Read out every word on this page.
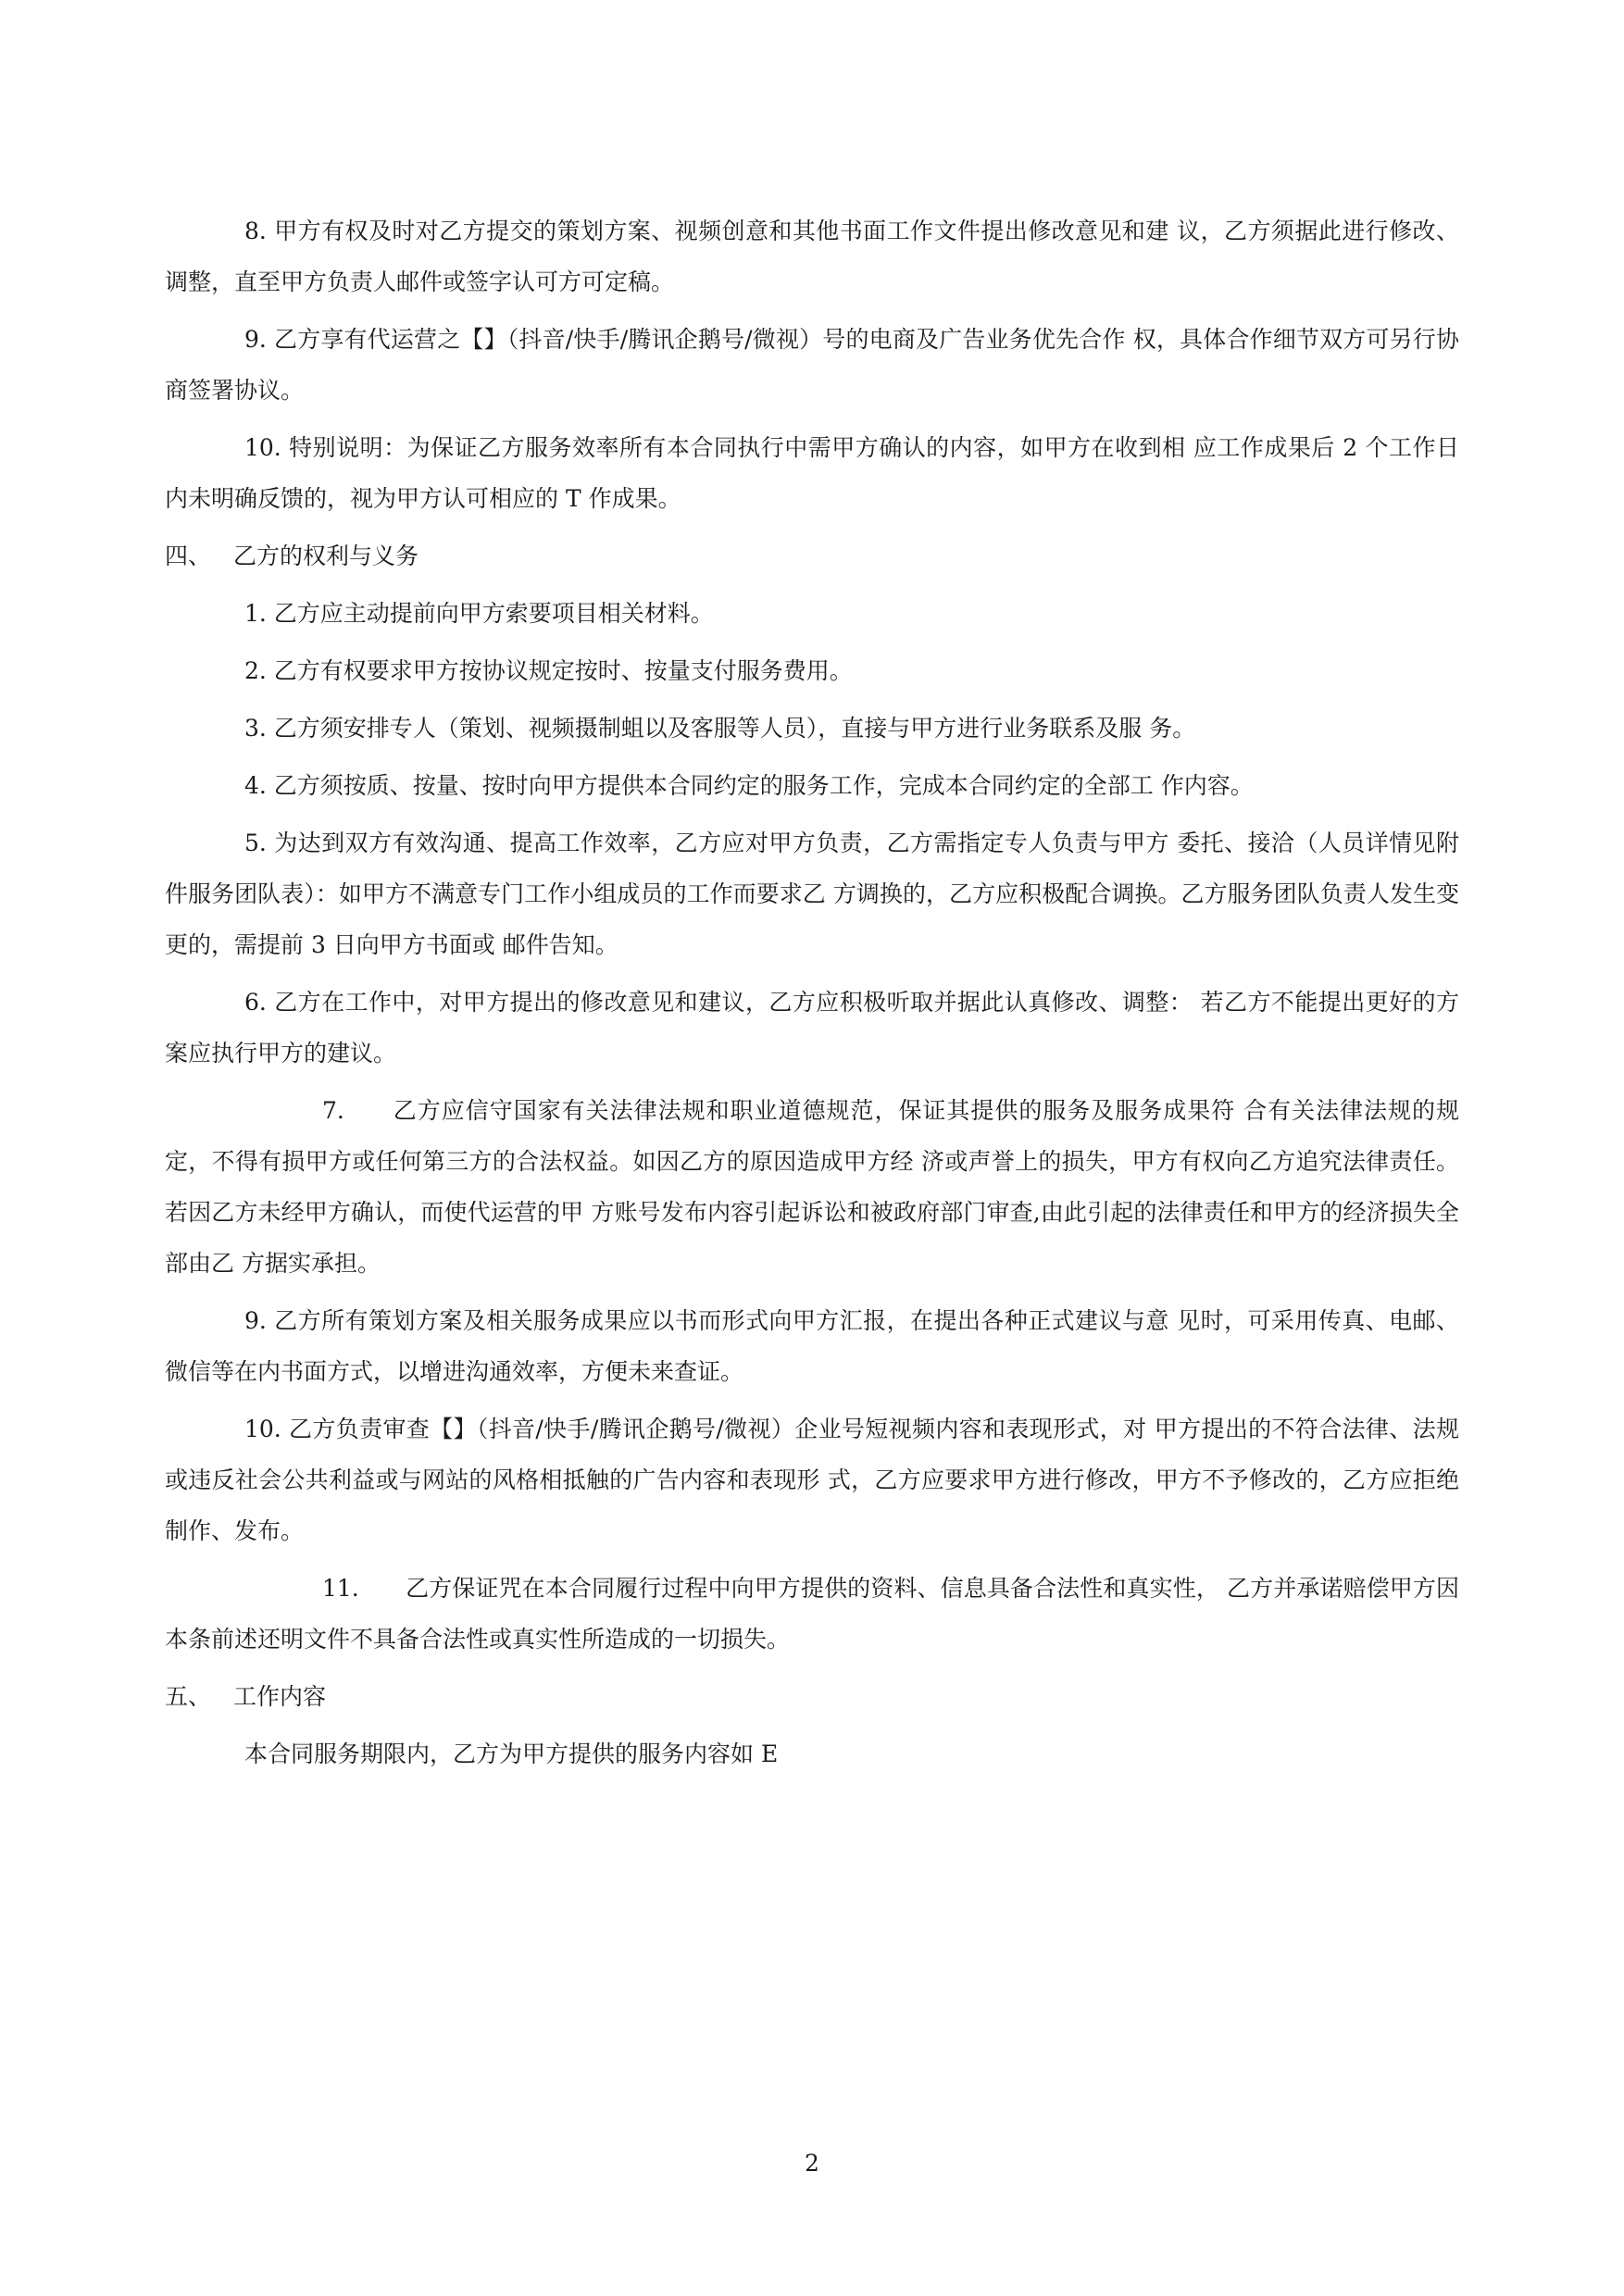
8. 甲方有权及时对乙方提交的策划方案、视频创意和其他书面工作文件提出修改意见和建 议，乙方须据此进行修改、调整，直至甲方负责人邮件或签字认可方可定稿。

9. 乙方享有代运营之【】（抖音/快手/腾讯企鹅号/微视）号的电商及广告业务优先合作 权，具体合作细节双方可另行协商签署协议。

10. 特别说明：为保证乙方服务效率所有本合同执行中需甲方确认的内容，如甲方在收到相 应工作成果后 2 个工作日内未明确反馈的，视为甲方认可相应的 T 作成果。

四、 乙方的权利与义务

1. 乙方应主动提前向甲方索要项目相关材料。

2. 乙方有权要求甲方按协议规定按时、按量支付服务费用。

3. 乙方须安排专人（策划、视频摄制蛆以及客服等人员），直接与甲方进行业务联系及服 务。

4. 乙方须按质、按量、按时向甲方提供本合同约定的服务工作，完成本合同约定的全部工 作内容。

5. 为达到双方有效沟通、提高工作效率，乙方应对甲方负责，乙方需指定专人负责与甲方 委托、接洽（人员详情见附件服务团队表）：如甲方不满意专门工作小组成员的工作而要求乙 方调换的，乙方应积极配合调换。乙方服务团队负责人发生变更的，需提前 3 日向甲方书面或 邮件告知。

6. 乙方在工作中，对甲方提出的修改意见和建议，乙方应积极听取并据此认真修改、调整： 若乙方不能提出更好的方案应执行甲方的建议。

7.　　乙方应信守国家有关法律法规和职业道德规范，保证其提供的服务及服务成果符 合有关法律法规的规定，不得有损甲方或任何第三方的合法权益。如因乙方的原因造成甲方经 济或声誉上的损失，甲方有权向乙方追究法律责任。若因乙方未经甲方确认，而使代运营的甲 方账号发布内容引起诉讼和被政府部门审查,由此引起的法律责任和甲方的经济损失全部由乙 方据实承担。

9. 乙方所有策划方案及相关服务成果应以书而形式向甲方汇报，在提出各种正式建议与意 见时，可采用传真、电邮、微信等在内书面方式，以增进沟通效率，方便未来查证。

10. 乙方负责审查【】（抖音/快手/腾讯企鹅号/微视）企业号短视频内容和表现形式，对 甲方提出的不符合法律、法规或违反社会公共利益或与网站的风格相抵触的广告内容和表现形 式，乙方应要求甲方进行修改，甲方不予修改的，乙方应拒绝制作、发布。

11.　　乙方保证咒在本合同履行过程中向甲方提供的资料、信息具备合法性和真实性， 乙方并承诺赔偿甲方因本条前述还明文件不具备合法性或真实性所造成的一切损失。

五、 工作内容

本合同服务期限内，乙方为甲方提供的服务内容如 E

2
